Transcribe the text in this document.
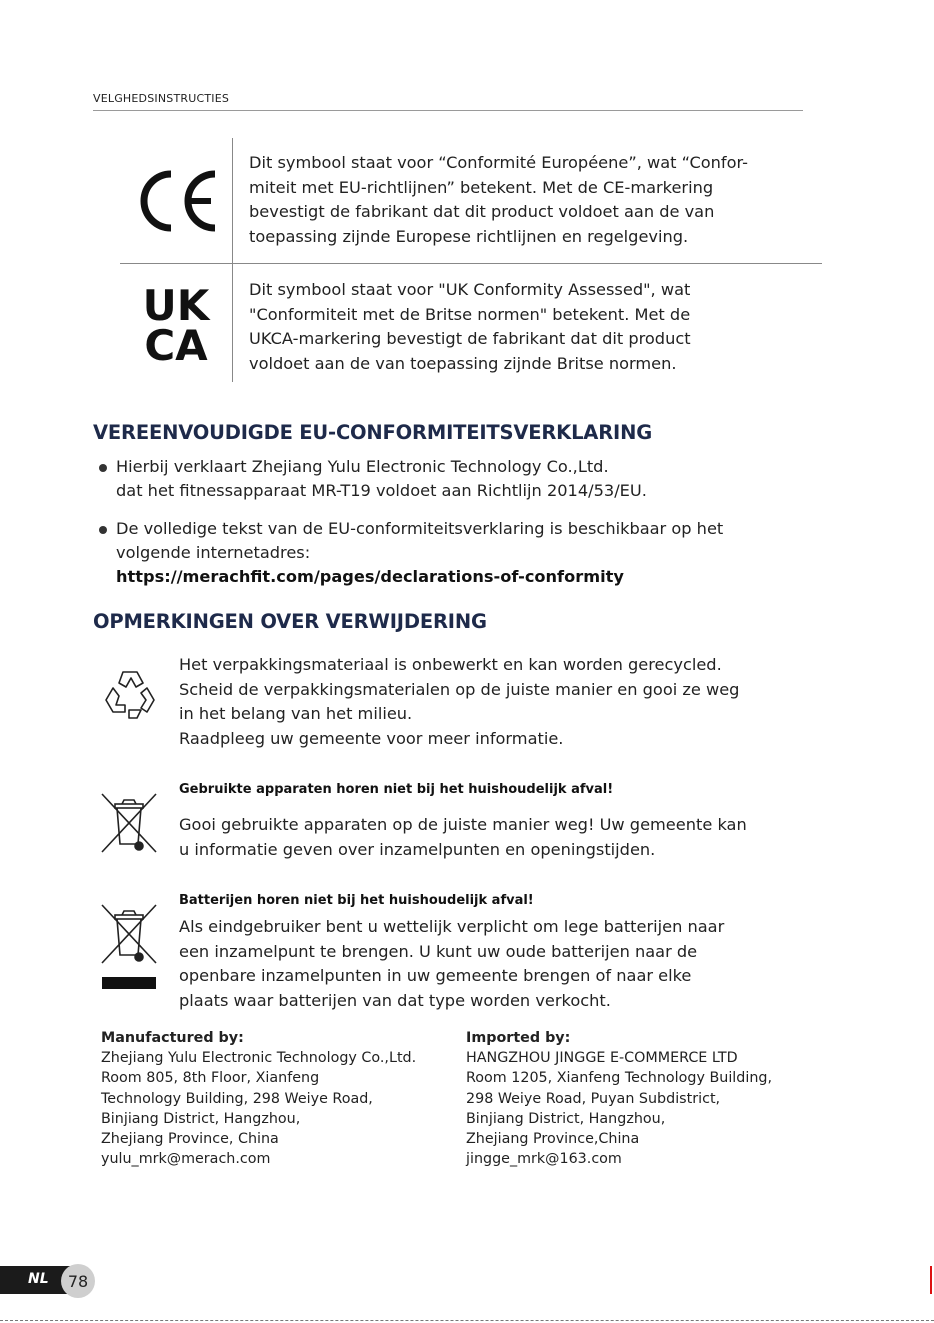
VELGHEDSINSTRUCTIES
Dit symbool staat voor “Conformité Européene”, wat “Confor-
miteit met EU-richtlijnen” betekent. Met de CE-markering
bevestigt de fabrikant dat dit product voldoet aan de van
toepassing zijnde Europese richtlijnen en regelgeving.
UK
CA
Dit symbool staat voor "UK Conformity Assessed", wat
"Conformiteit met de Britse normen" betekent. Met de
UKCA-markering bevestigt de fabrikant dat dit product
voldoet aan de van toepassing zijnde Britse normen.
VEREENVOUDIGDE EU-CONFORMITEITSVERKLARING
Hierbij verklaart Zhejiang Yulu Electronic Technology Co.,Ltd.
dat het fitnessapparaat MR-T19 voldoet aan Richtlijn 2014/53/EU.
De volledige tekst van de EU-conformiteitsverklaring is beschikbaar op het
volgende internetadres:
https://merachfit.com/pages/declarations-of-conformity
OPMERKINGEN OVER VERWIJDERING
Het verpakkingsmateriaal is onbewerkt en kan worden gerecycled.
Scheid de verpakkingsmaterialen op de juiste manier en gooi ze weg
in het belang van het milieu.
Raadpleeg uw gemeente voor meer informatie.
Gebruikte apparaten horen niet bij het huishoudelijk afval!
Gooi gebruikte apparaten op de juiste manier weg! Uw gemeente kan
u informatie geven over inzamelpunten en openingstijden.
Batterijen horen niet bij het huishoudelijk afval!
Als eindgebruiker bent u wettelijk verplicht om lege batterijen naar
een inzamelpunt te brengen. U kunt uw oude batterijen naar de
openbare inzamelpunten in uw gemeente brengen of naar elke
plaats waar batterijen van dat type worden verkocht.
Manufactured by:
Zhejiang Yulu Electronic Technology Co.,Ltd.
Room 805, 8th Floor, Xianfeng
Technology Building, 298 Weiye Road,
Binjiang District, Hangzhou,
Zhejiang Province, China
yulu_mrk@merach.com
Imported by:
HANGZHOU JINGGE E-COMMERCE LTD
Room 1205, Xianfeng Technology Building,
298 Weiye Road, Puyan Subdistrict,
Binjiang District, Hangzhou,
Zhejiang Province,China
jingge_mrk@163.com
NL 78
